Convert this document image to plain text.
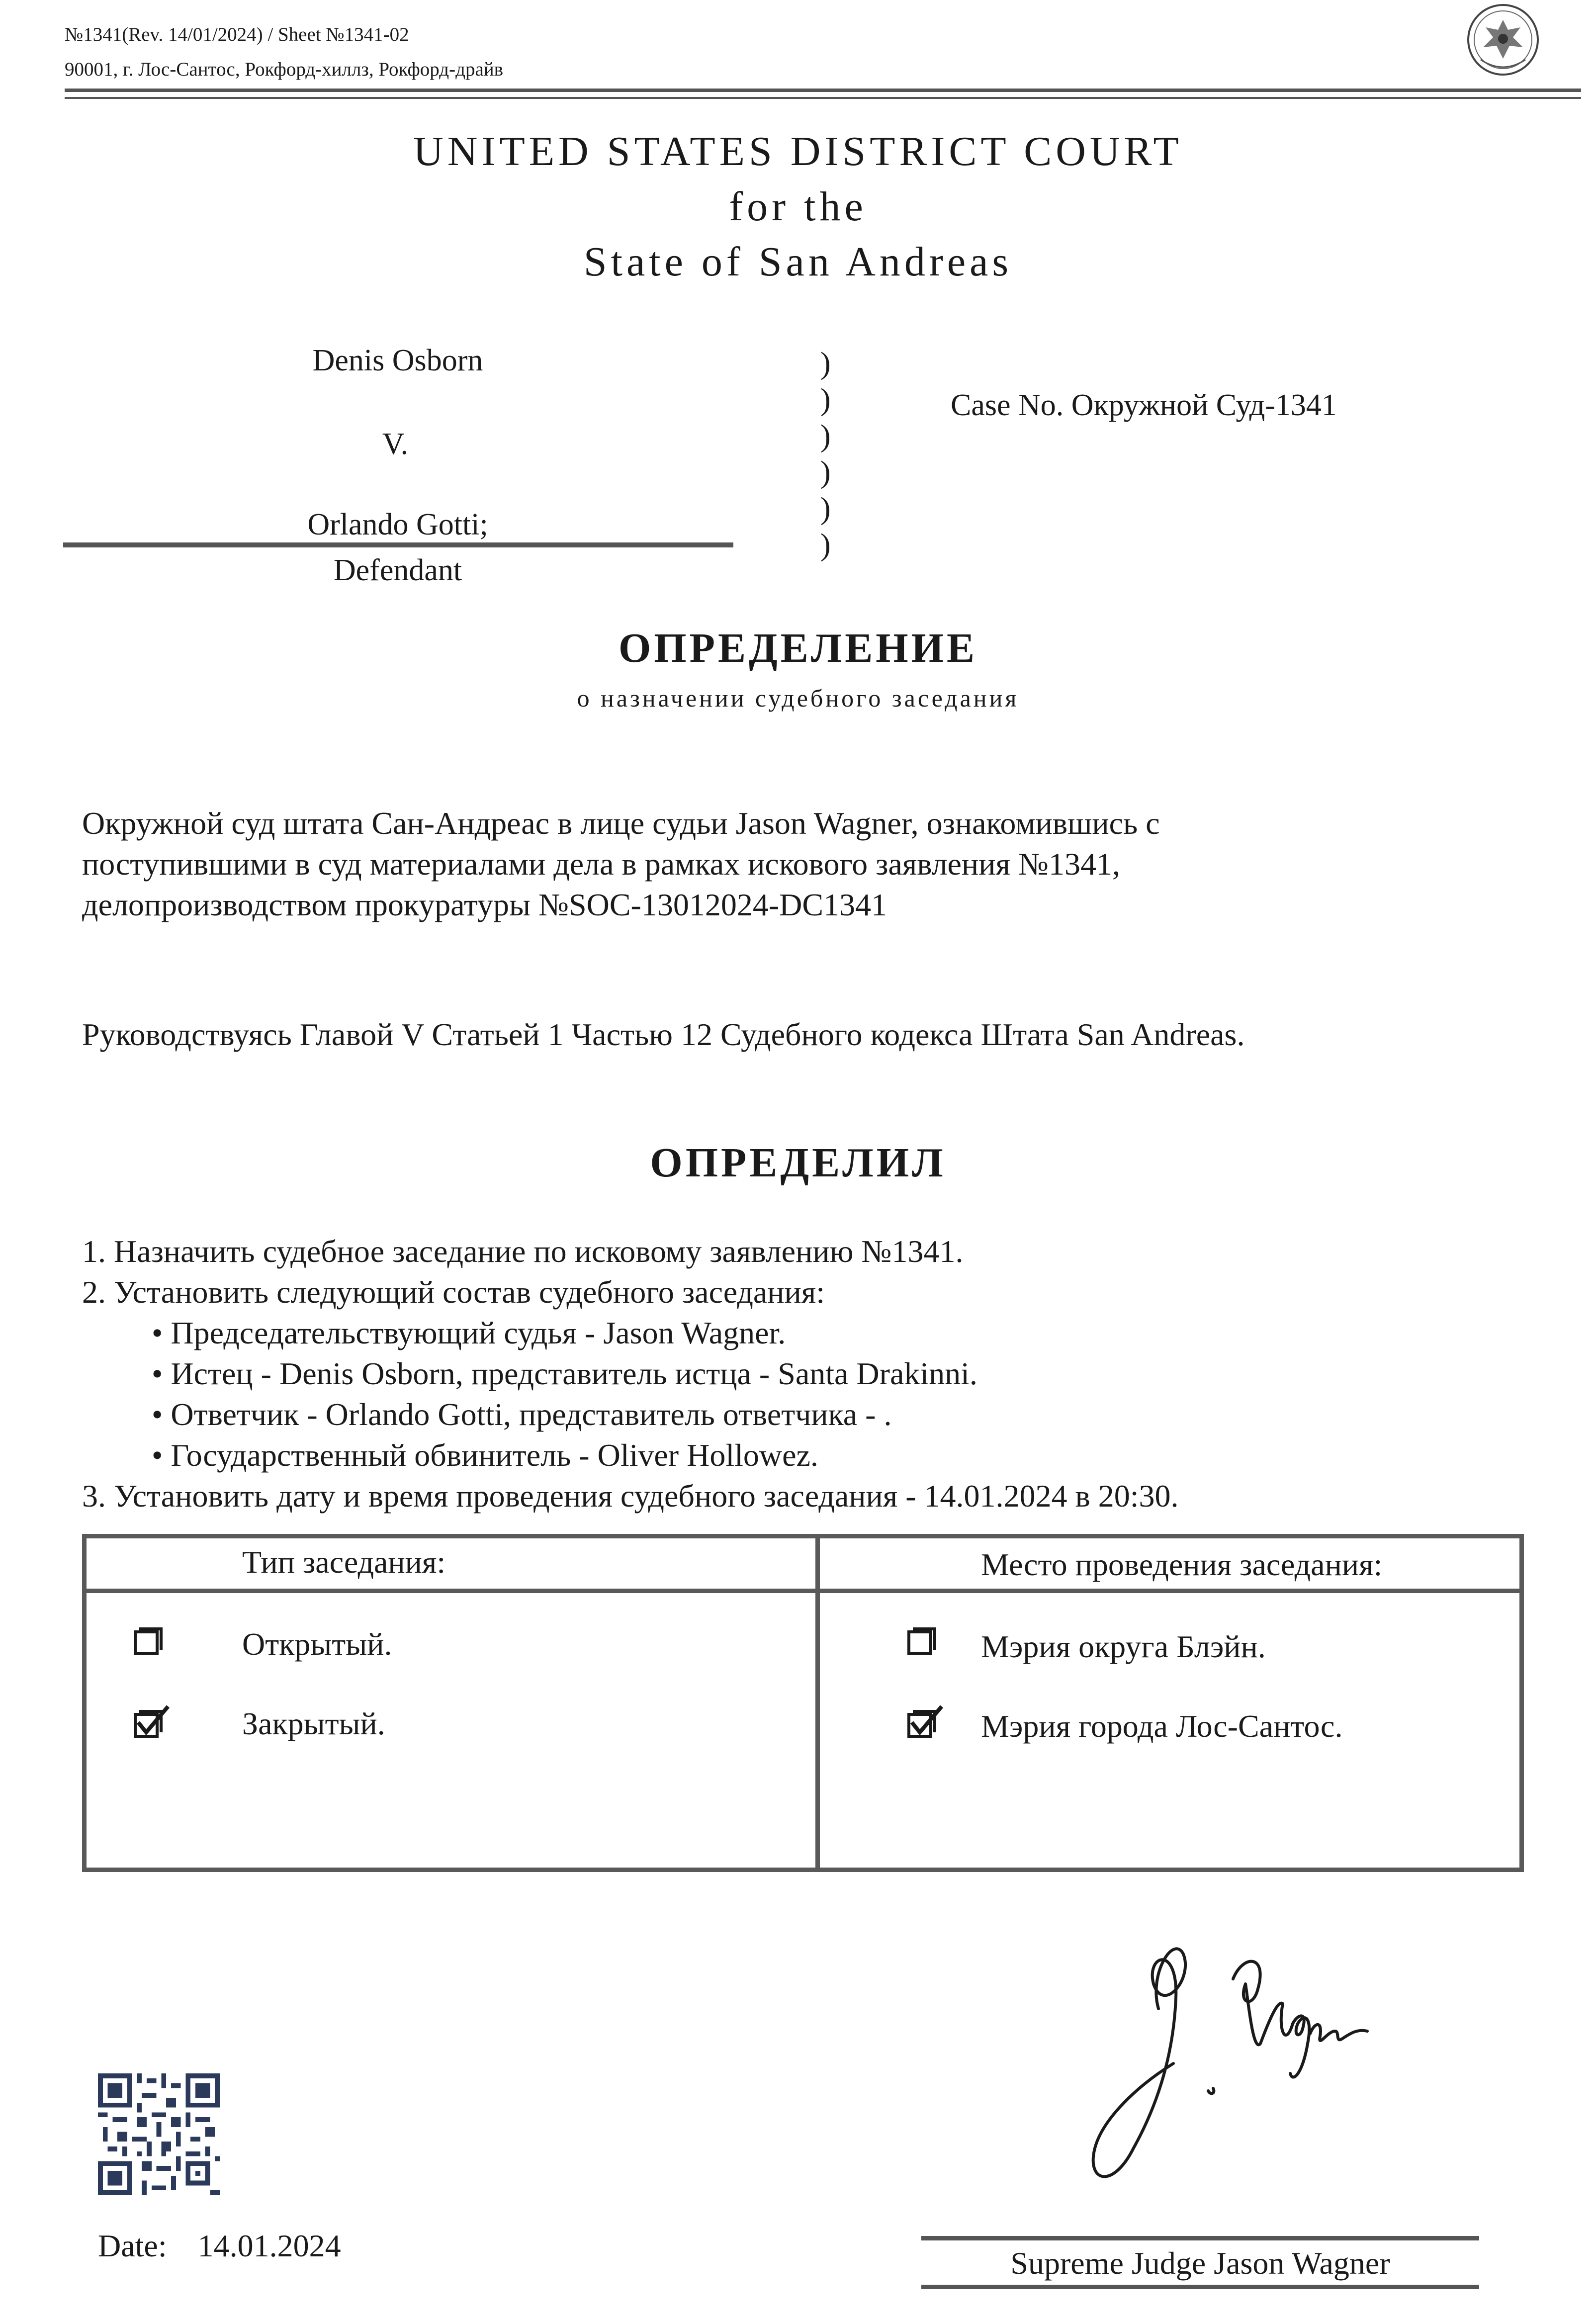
№1341(Rev. 14/01/2024) / Sheet №1341-02
90001, г. Лос-Сантос, Рокфорд-хиллз, Рокфорд-драйв
UNITED STATES DISTRICT COURT
for the
State of San Andreas
Denis Osborn
V.
Orlando Gotti;
Defendant
)
)
)
)
)
)
Case No. Окружной Суд-1341
ОПРЕДЕЛЕНИЕ
о назначении судебного заседания
Окружной суд штата Сан-Андреас в лице судьи Jason Wagner, ознакомившись с
поступившими в суд материалами дела в рамках искового заявления №1341,
делопроизводством прокуратуры №SOC-13012024-DC1341
Руководствуясь Главой V Статьей 1 Частью 12 Судебного кодекса Штата San Andreas.
ОПРЕДЕЛИЛ
1. Назначить судебное заседание по исковому заявлению №1341.
2. Установить следующий состав судебного заседания:
• Председательствующий судья - Jason Wagner.
• Истец - Denis Osborn, представитель истца - Santa Drakinni.
• Ответчик - Orlando Gotti, представитель ответчика - .
• Государственный обвинитель - Oliver Hollowez.
3. Установить дату и время проведения судебного заседания - 14.01.2024 в 20:30.
Тип заседания:	Место проведения заседания:
Открытый.
Закрытый.
Мэрия округа Блэйн.
Мэрия города Лос-Сантос.
Date: 14.01.2024	Supreme Judge Jason Wagner
